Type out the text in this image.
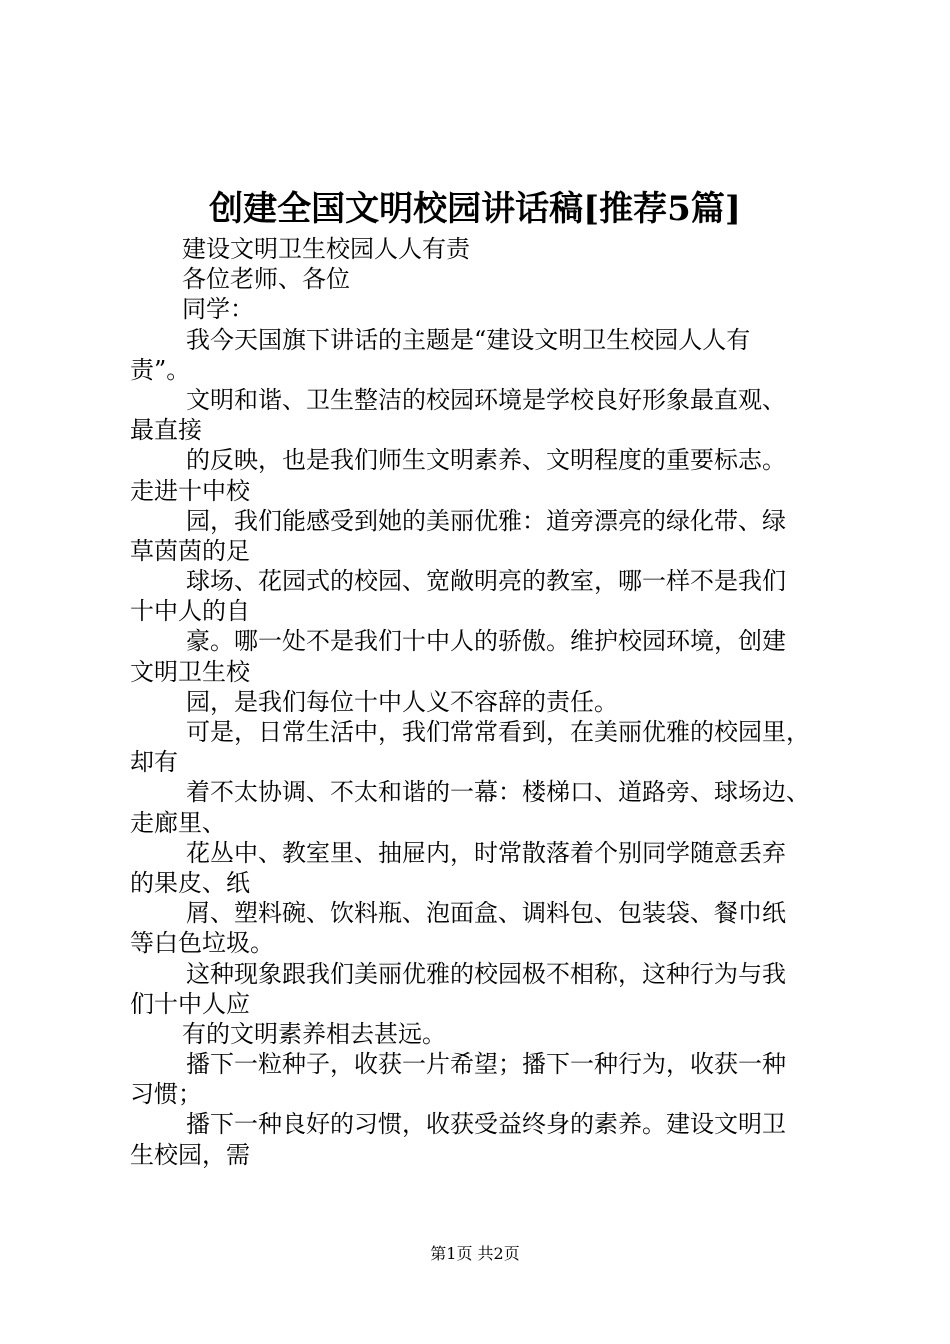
创建全国文明校园讲话稿[推荐5篇]
建设文明卫生校园人人有责
各位老师、各位
同学：
我今天国旗下讲话的主题是“建设文明卫生校园人人有
责”。
文明和谐、卫生整洁的校园环境是学校良好形象最直观、
最直接
的反映，也是我们师生文明素养、文明程度的重要标志。
走进十中校
园，我们能感受到她的美丽优雅：道旁漂亮的绿化带、绿
草茵茵的足
球场、花园式的校园、宽敞明亮的教室，哪一样不是我们
十中人的自
豪。哪一处不是我们十中人的骄傲。维护校园环境，创建
文明卫生校
园，是我们每位十中人义不容辞的责任。
可是，日常生活中，我们常常看到，在美丽优雅的校园里，
却有
着不太协调、不太和谐的一幕：楼梯口、道路旁、球场边、
走廊里、
花丛中、教室里、抽屉内，时常散落着个别同学随意丢弃
的果皮、纸
屑、塑料碗、饮料瓶、泡面盒、调料包、包装袋、餐巾纸
等白色垃圾。
这种现象跟我们美丽优雅的校园极不相称，这种行为与我
们十中人应
有的文明素养相去甚远。
播下一粒种子，收获一片希望；播下一种行为，收获一种
习惯；
播下一种良好的习惯，收获受益终身的素养。建设文明卫
生校园，需
第1页 共2页
